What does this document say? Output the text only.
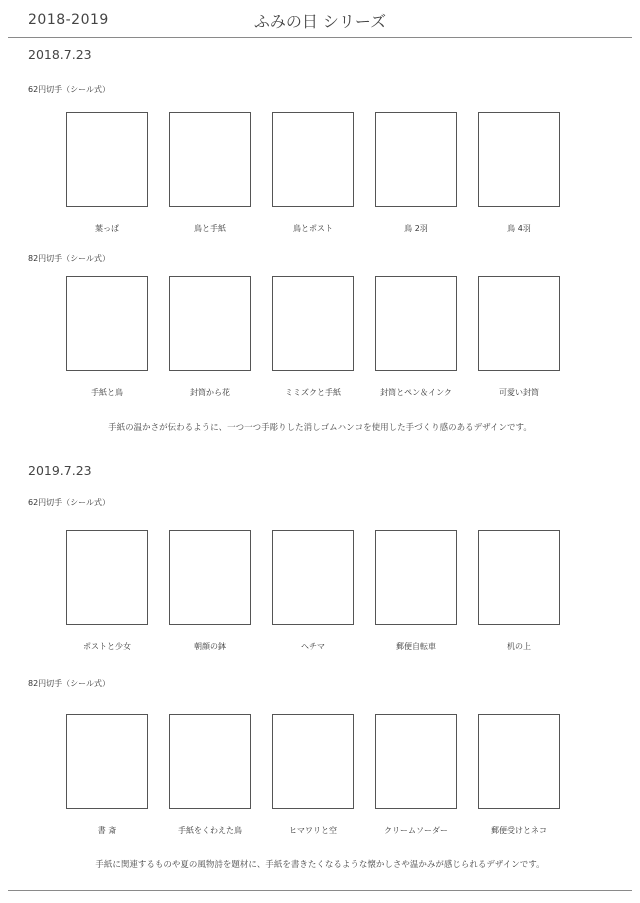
2018-2019	ふみの日 シリーズ
2018.7.23
62円切手（シール式）
葉っぱ	鳥と手紙	鳥とポスト	鳥 2羽	鳥 4羽
82円切手（シール式）
手紙と鳥	封筒から花	ミミズクと手紙	封筒とペン＆インク	可愛い封筒
手紙の温かさが伝わるように、一つ一つ手彫りした消しゴムハンコを使用した手づくり感のあるデザインです。
2019.7.23
62円切手（シール式）
ポストと少女	朝顔の鉢	ヘチマ	郵便自転車	机の上
82円切手（シール式）
書 斎	手紙をくわえた鳥	ヒマワリと空	クリームソーダー	郵便受けとネコ
手紙に関連するものや夏の風物詩を題材に、手紙を書きたくなるような懐かしさや温かみが感じられるデザインです。
